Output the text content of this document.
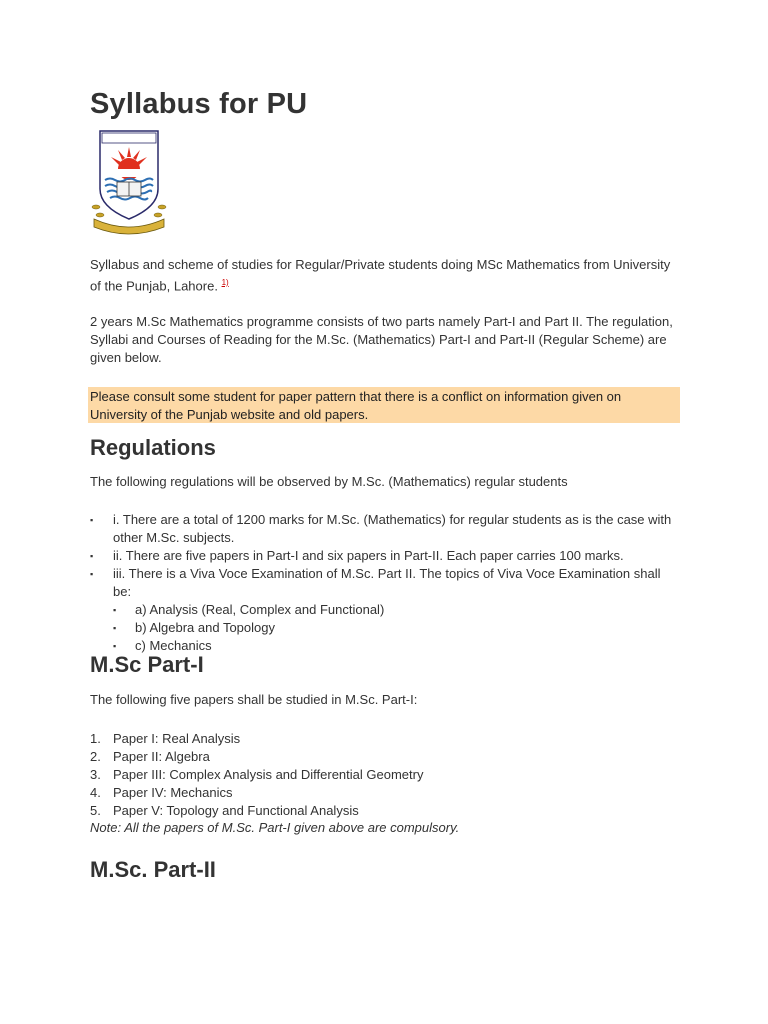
Syllabus for PU

Syllabus and scheme of studies for Regular/Private students doing MSc Mathematics from University of the Punjab, Lahore. $^{1)}$

2 years M.Sc Mathematics programme consists of two parts namely Part-I and Part II. The regulation, Syllabi and Courses of Reading for the M.Sc. (Mathematics) Part-I and Part-II (Regular Scheme) are given below.

Please consult some student for paper pattern that there is a conflict on information given on University of the Punjab website and old papers.
Regulations

The following regulations will be observed by M.Sc. (Mathematics) regular students

▪ i. There are a total of 1200 marks for M.Sc. (Mathematics) for regular students as is the case with other M.Sc. subjects.
▪ ii. There are five papers in Part-I and six papers in Part-II. Each paper carries 100 marks.
▪ iii. There is a Viva Voce Examination of M.Sc. Part II. The topics of Viva Voce Examination shall be:
▪ a) Analysis (Real, Complex and Functional)
▪ b) Algebra and Topology
▪ c) Mechanics
M.Sc Part-I

The following five papers shall be studied in M.Sc. Part-I:

1. Paper I: Real Analysis
2. Paper II: Algebra
3. Paper III: Complex Analysis and Differential Geometry
4. Paper IV: Mechanics
5. Paper V: Topology and Functional Analysis

Note: All the papers of M.Sc. Part-I given above are compulsory.

M.Sc. Part-II
